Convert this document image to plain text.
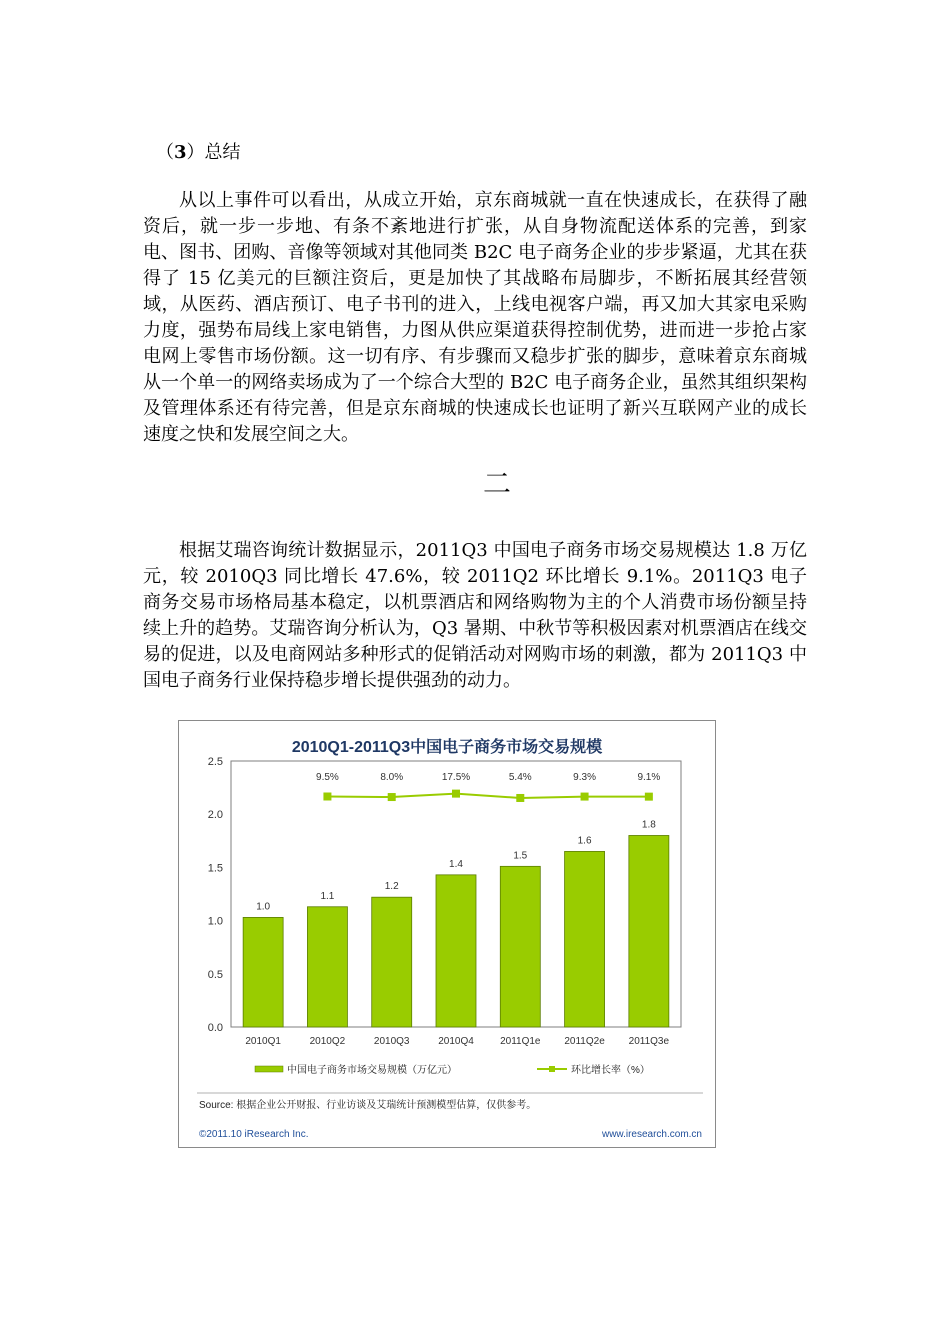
（3）总结

从以上事件可以看出，从成立开始，京东商城就一直在快速成长，在获得了融资后，就一步一步地、有条不紊地进行扩张，从自身物流配送体系的完善，到家电、图书、团购、音像等领域对其他同类 B2C 电子商务企业的步步紧逼，尤其在获得了 15 亿美元的巨额注资后，更是加快了其战略布局脚步，不断拓展其经营领域，从医药、酒店预订、电子书刊的进入，上线电视客户端，再又加大其家电采购力度，强势布局线上家电销售，力图从供应渠道获得控制优势，进而进一步抢占家电网上零售市场份额。这一切有序、有步骤而又稳步扩张的脚步，意味着京东商城从一个单一的网络卖场成为了一个综合大型的 B2C 电子商务企业，虽然其组织架构及管理体系还有待完善，但是京东商城的快速成长也证明了新兴互联网产业的成长速度之快和发展空间之大。

二

根据艾瑞咨询统计数据显示，2011Q3 中国电子商务市场交易规模达 1.8 万亿元，较 2010Q3 同比增长 47.6%，较 2011Q2 环比增长 9.1%。2011Q3 电子商务交易市场格局基本稳定，以机票酒店和网络购物为主的个人消费市场份额呈持续上升的趋势。艾瑞咨询分析认为，Q3 暑期、中秋节等积极因素对机票酒店在线交易的促进，以及电商网站多种形式的促销活动对网购市场的刺激，都为 2011Q3 中国电子商务行业保持稳步增长提供强劲的动力。

2010Q1-2011Q3中国电子商务市场交易规模
0.0
0.5
1.0
1.5
2.0
2.5
1.0
1.1
1.2
1.4
1.5
1.6
1.8
9.5%	8.0%	17.5%	5.4%	9.3%	9.1%
2010Q1	2010Q2	2010Q3	2010Q4	2011Q1e 2011Q2e 2011Q3e
中国电子商务市场交易规模（万亿元）	环比增长率（%）
Source: 根据企业公开财报、行业访谈及艾瑞统计预测模型估算，仅供参考。
©2011.10 iResearch Inc.	www.iresearch.com.cn
